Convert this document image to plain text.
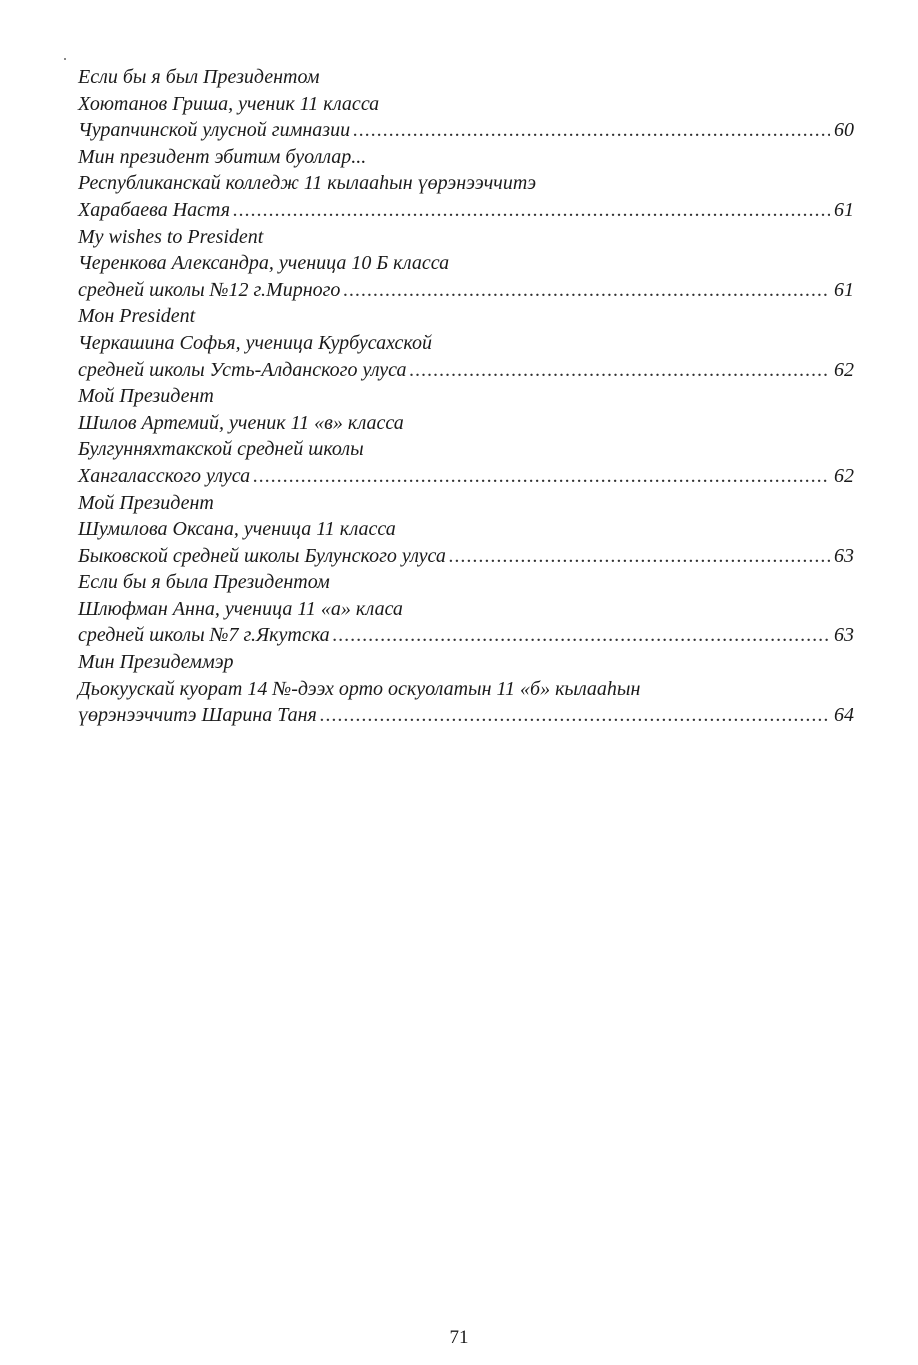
Если бы я был Президентом
Хоютанов Гриша, ученик 11 класса
Чурапчинской улусной гимназии .....	60
Мин президент эбитим буоллар...
Республиканскай колледж 11 кылааһын үөрэнээччитэ
Харабаева Настя .....	61
My wishes to President
Черенкова Александра, ученица 10 Б класса
средней школы №12 г.Мирного .....	61
Мон President
Черкашина Софья, ученица Курбусахской
средней школы Усть-Алданского улуса .....	62
Мой Президент
Шилов Артемий, ученик 11 «в» класса
Булгунняхтакской средней школы
Хангаласского улуса .....	62
Мой Президент
Шумилова Оксана, ученица 11 класса
Быковской средней школы Булунского улуса .....	63
Если бы я была Президентом
Шлюфман Анна, ученица 11 «а» класа
средней школы №7 г.Якутска .....	63
Мин Президеммэр
Дьокуускай куорат 14 №-дээх орто оскуолатын 11 «б» кылааһын
үөрэнээччитэ Шарина Таня .....	64
71
